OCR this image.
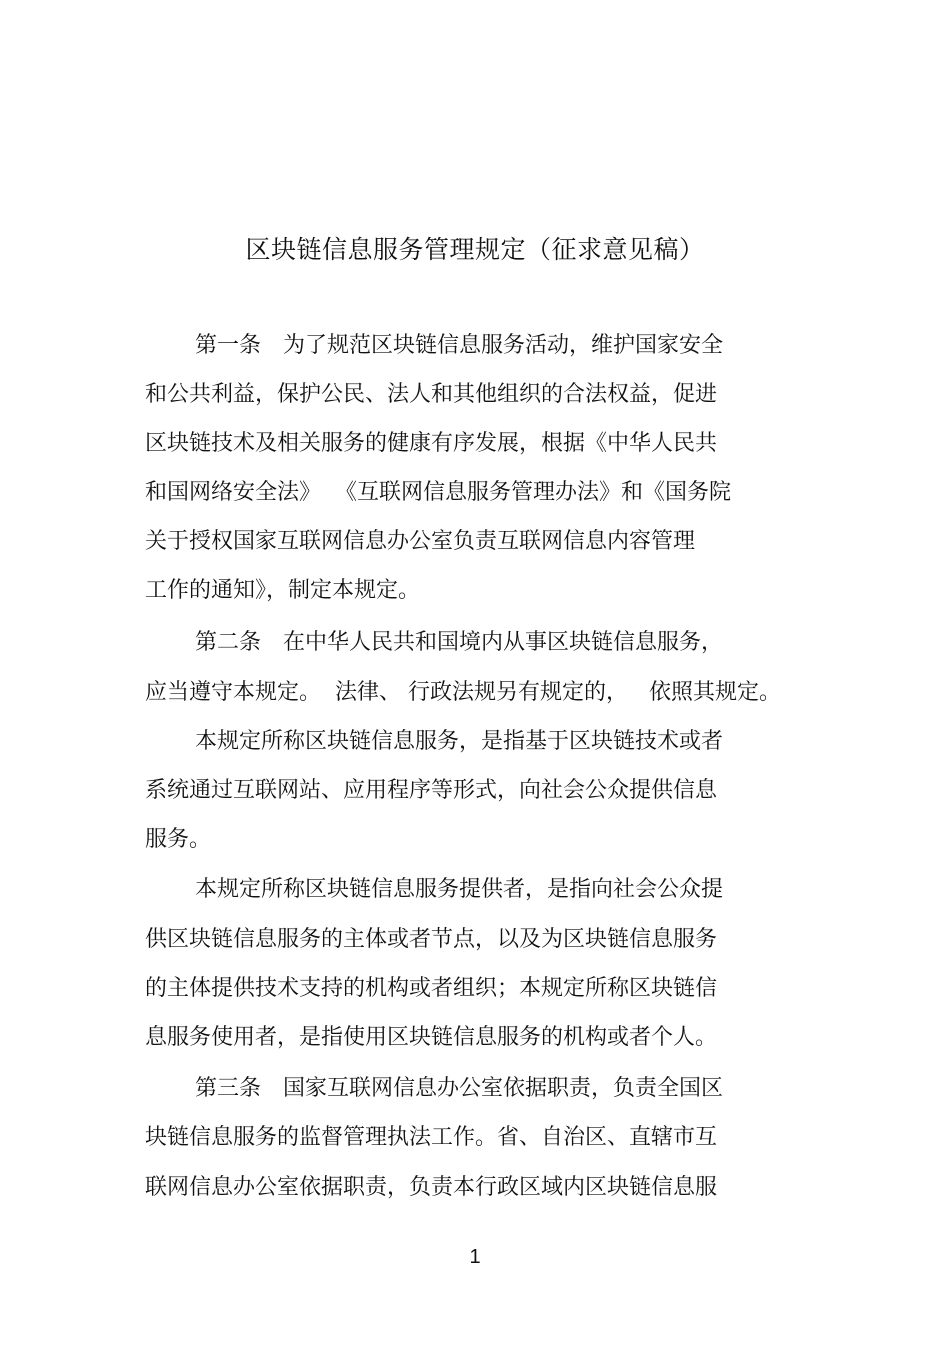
区块链信息服务管理规定（征求意见稿）
第一条　为了规范区块链信息服务活动，维护国家安全
和公共利益，保护公民、法人和其他组织的合法权益，促进
区块链技术及相关服务的健康有序发展，根据《中华人民共
和国网络安全法》  《互联网信息服务管理办法》和《国务院
关于授权国家互联网信息办公室负责互联网信息内容管理
工作的通知》，制定本规定。
第二条　在中华人民共和国境内从事区块链信息服务，
应当遵守本规定。  法律、 行政法规另有规定的，   依照其规定。
本规定所称区块链信息服务，是指基于区块链技术或者
系统通过互联网站、应用程序等形式，向社会公众提供信息
服务。
本规定所称区块链信息服务提供者，是指向社会公众提
供区块链信息服务的主体或者节点，以及为区块链信息服务
的主体提供技术支持的机构或者组织；本规定所称区块链信
息服务使用者，是指使用区块链信息服务的机构或者个人。
第三条　国家互联网信息办公室依据职责，负责全国区
块链信息服务的监督管理执法工作。省、自治区、直辖市互
联网信息办公室依据职责，负责本行政区域内区块链信息服
1
